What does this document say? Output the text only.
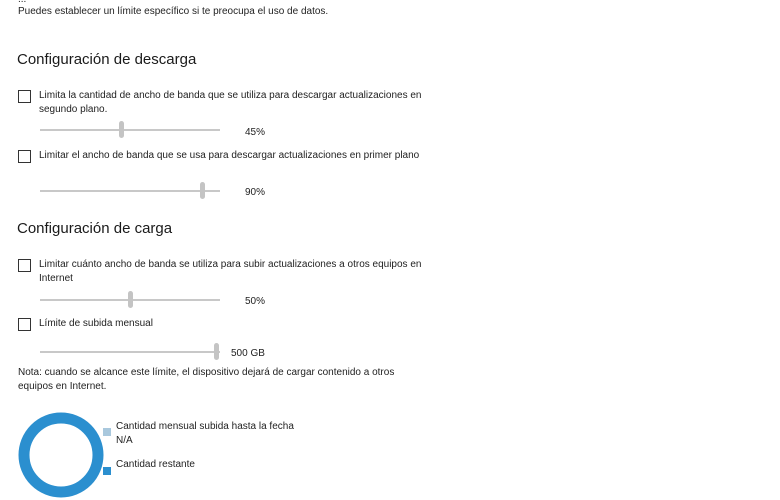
Puedes establecer un límite específico si te preocupa el uso de datos.
Configuración de descarga
Limita la cantidad de ancho de banda que se utiliza para descargar actualizaciones en segundo plano.
45%
Limitar el ancho de banda que se usa para descargar actualizaciones en primer plano
90%
Configuración de carga
Limitar cuánto ancho de banda se utiliza para subir actualizaciones a otros equipos en Internet
50%
Límite de subida mensual
500 GB
Nota: cuando se alcance este límite, el dispositivo dejará de cargar contenido a otros equipos en Internet.
Cantidad mensual subida hasta la fecha
N/A
Cantidad restante
